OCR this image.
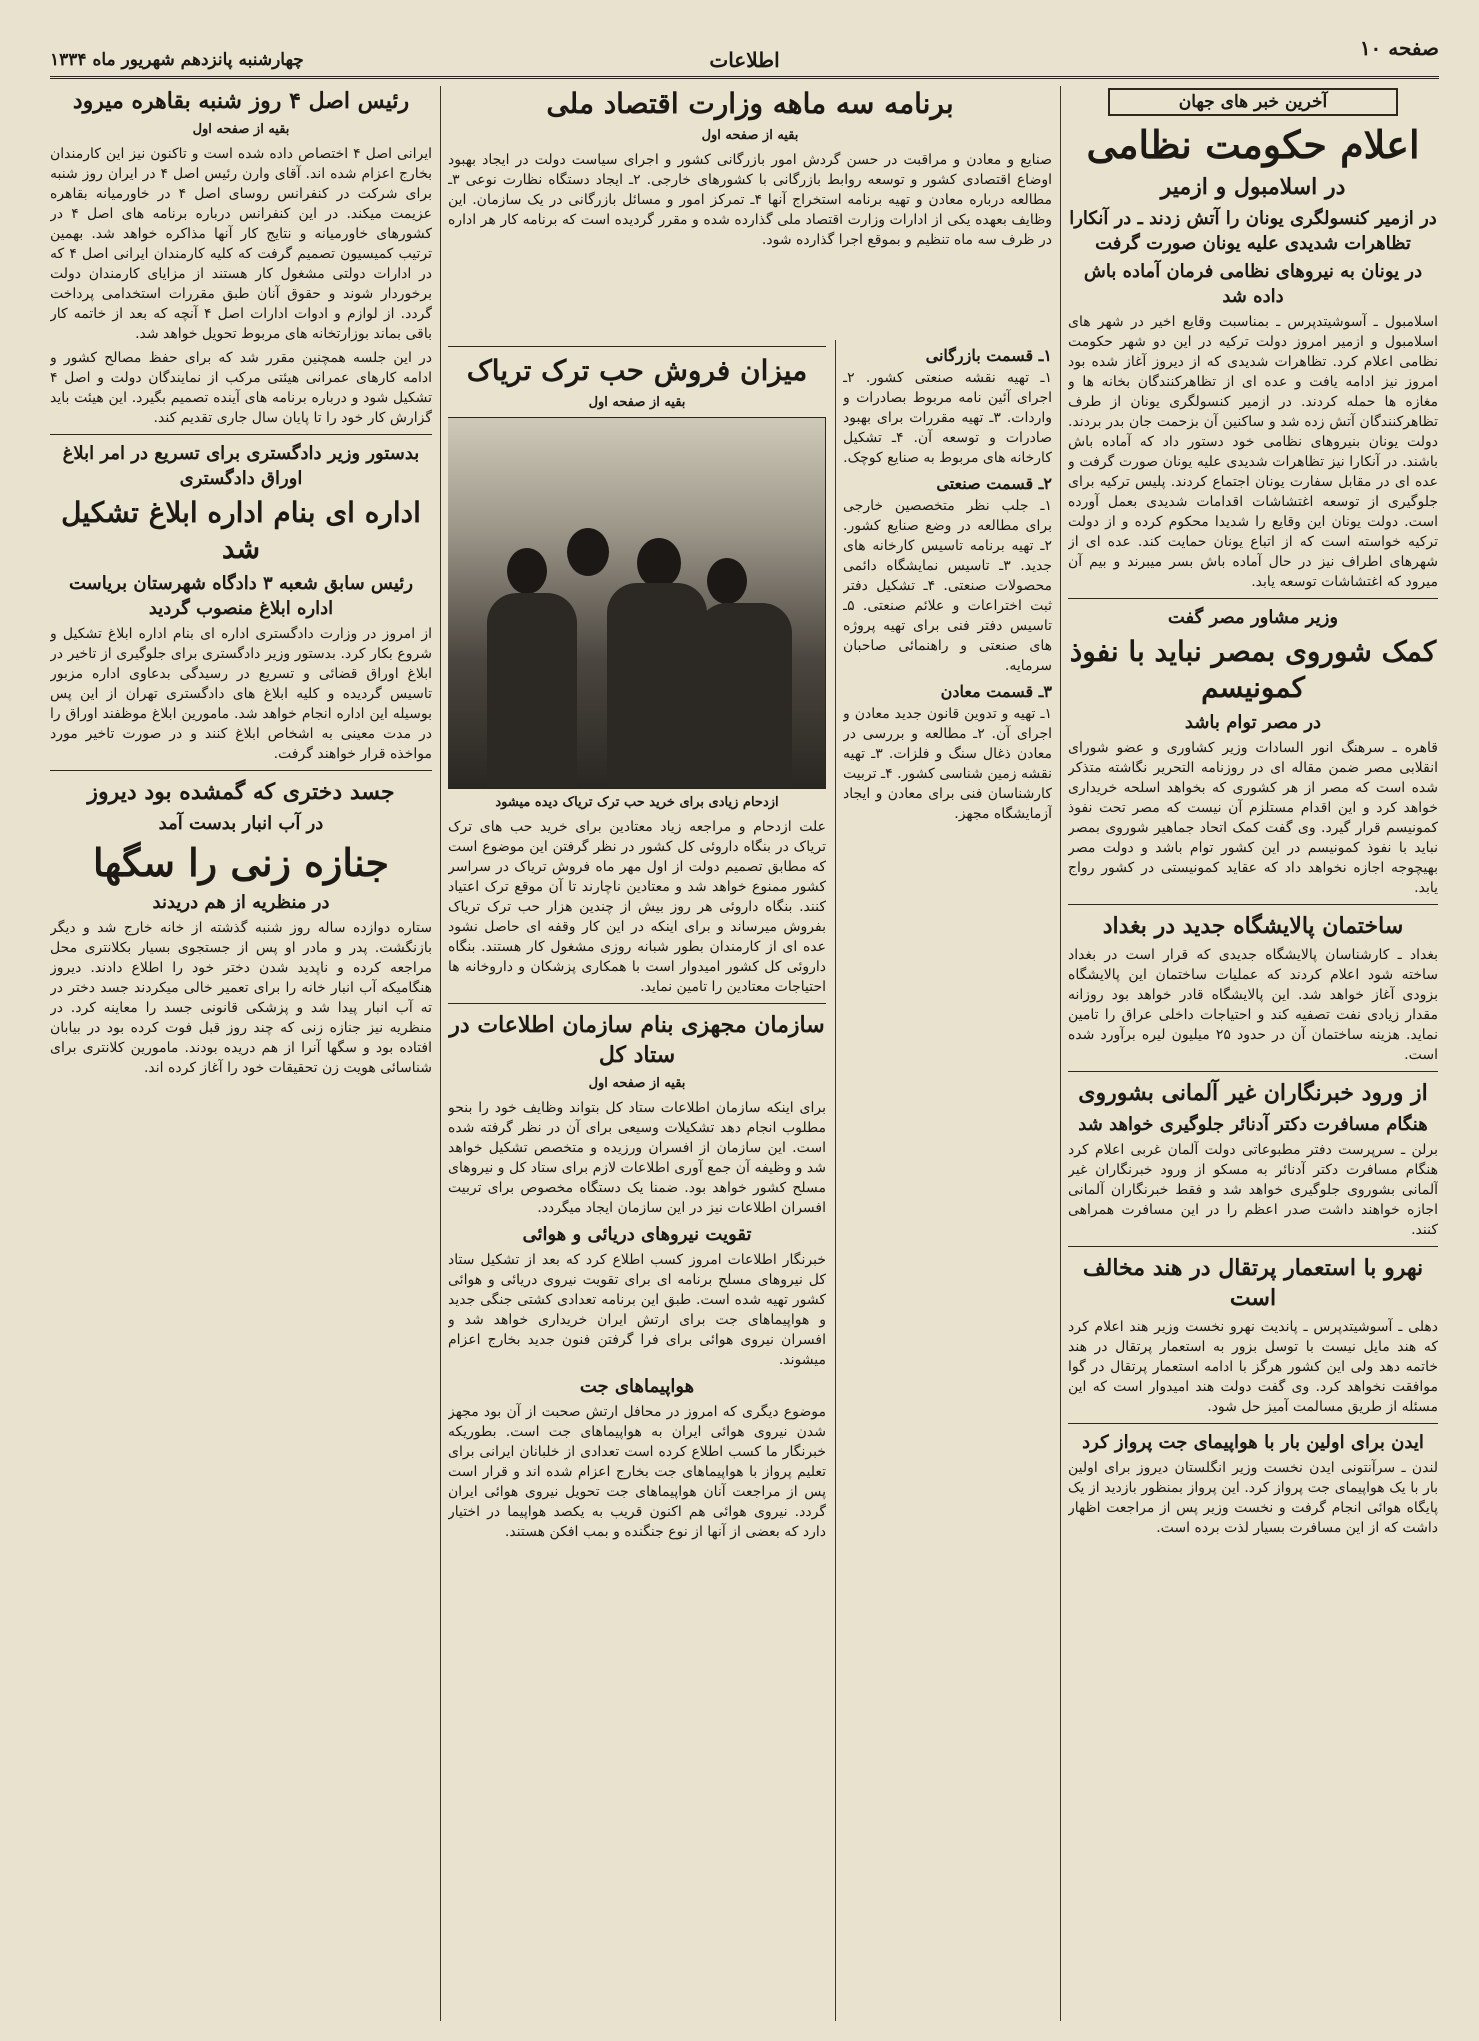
صفحه ۱۰
اطلاعات
چهارشنبه پانزدهم شهریور ماه ۱۳۳۴
آخرین خبر های جهان
اعلام حکومت نظامی
در اسلامبول و ازمیر
در ازمیر کنسولگری یونان را آتش زدند ـ در آنکارا تظاهرات شدیدی علیه یونان صورت گرفت
در یونان به نیروهای نظامی فرمان آماده باش داده شد

اسلامبول ـ آسوشیتدپرس ـ بمناسبت وقایع اخیر در شهر های اسلامبول و ازمیر امروز دولت ترکیه در این دو شهر حکومت نظامی اعلام کرد. تظاهرات شدیدی که از دیروز آغاز شده بود امروز نیز ادامه یافت و عده ای از تظاهرکنندگان بخانه ها و مغازه ها حمله کردند. در ازمیر کنسولگری یونان از طرف تظاهرکنندگان آتش زده شد و ساکنین آن بزحمت جان بدر بردند. دولت یونان بنیروهای نظامی خود دستور داد که آماده باش باشند. در آنکارا نیز تظاهرات شدیدی علیه یونان صورت گرفت و عده ای در مقابل سفارت یونان اجتماع کردند. پلیس ترکیه برای جلوگیری از توسعه اغتشاشات اقدامات شدیدی بعمل آورده است. دولت یونان این وقایع را شدیدا محکوم کرده و از دولت ترکیه خواسته است که از اتباع یونان حمایت کند. عده ای از شهرهای اطراف نیز در حال آماده باش بسر میبرند و بیم آن میرود که اغتشاشات توسعه یابد.

وزیر مشاور مصر گفت
کمک شوروی بمصر نباید با نفوذ کمونیسم
در مصر توام باشد

قاهره ـ سرهنگ انور السادات وزیر کشاوری و عضو شورای انقلابی مصر ضمن مقاله ای در روزنامه التحریر نگاشته متذکر شده است که مصر از هر کشوری که بخواهد اسلحه خریداری خواهد کرد و این اقدام مستلزم آن نیست که مصر تحت نفوذ کمونیسم قرار گیرد. وی گفت کمک اتحاد جماهیر شوروی بمصر نباید با نفوذ کمونیسم در این کشور توام باشد و دولت مصر بهیچوجه اجازه نخواهد داد که عقاید کمونیستی در کشور رواج یابد.

ساختمان پالایشگاه جدید در بغداد

بغداد ـ کارشناسان پالایشگاه جدیدی که قرار است در بغداد ساخته شود اعلام کردند که عملیات ساختمان این پالایشگاه بزودی آغاز خواهد شد. این پالایشگاه قادر خواهد بود روزانه مقدار زیادی نفت تصفیه کند و احتیاجات داخلی عراق را تامین نماید. هزینه ساختمان آن در حدود ۲۵ میلیون لیره برآورد شده است.

از ورود خبرنگاران غیر آلمانی بشوروی
هنگام مسافرت دکتر آدنائر جلوگیری خواهد شد

برلن ـ سرپرست دفتر مطبوعاتی دولت آلمان غربی اعلام کرد هنگام مسافرت دکتر آدنائر به مسکو از ورود خبرنگاران غیر آلمانی بشوروی جلوگیری خواهد شد و فقط خبرنگاران آلمانی اجازه خواهند داشت صدر اعظم را در این مسافرت همراهی کنند.

نهرو با استعمار پرتقال در هند مخالف است

دهلی ـ آسوشیتدپرس ـ پاندیت نهرو نخست وزیر هند اعلام کرد که هند مایل نیست با توسل بزور به استعمار پرتقال در هند خاتمه دهد ولی این کشور هرگز با ادامه استعمار پرتقال در گوا موافقت نخواهد کرد. وی گفت دولت هند امیدوار است که این مسئله از طریق مسالمت آمیز حل شود.

ایدن برای اولین بار با هواپیمای جت پرواز کرد

لندن ـ سرآنتونی ایدن نخست وزیر انگلستان دیروز برای اولین بار با یک هواپیمای جت پرواز کرد. این پرواز بمنظور بازدید از یک پایگاه هوائی انجام گرفت و نخست وزیر پس از مراجعت اظهار داشت که از این مسافرت بسیار لذت برده است.

برنامه سه ماهه وزارت اقتصاد ملی
بقیه از صفحه اول

صنایع و معادن و مراقبت در حسن گردش امور بازرگانی کشور و اجرای سیاست دولت در ایجاد بهبود اوضاع اقتصادی کشور و توسعه روابط بازرگانی با کشورهای خارجی. ۲ـ ایجاد دستگاه نظارت نوعی ۳ـ مطالعه درباره معادن و تهیه برنامه استخراج آنها ۴ـ تمرکز امور و مسائل بازرگانی در یک سازمان. این وظایف بعهده یکی از ادارات وزارت اقتصاد ملی گذارده شده و مقرر گردیده است که برنامه کار هر اداره در ظرف سه ماه تنظیم و بموقع اجرا گذارده شود.

۱ـ قسمت بازرگانی

۱ـ تهیه نقشه صنعتی کشور. ۲ـ اجرای آئین نامه مربوط بصادرات و واردات. ۳ـ تهیه مقررات برای بهبود صادرات و توسعه آن. ۴ـ تشکیل کارخانه های مربوط به صنایع کوچک.

۲ـ قسمت صنعتی

۱ـ جلب نظر متخصصین خارجی برای مطالعه در وضع صنایع کشور. ۲ـ تهیه برنامه تاسیس کارخانه های جدید. ۳ـ تاسیس نمایشگاه دائمی محصولات صنعتی. ۴ـ تشکیل دفتر ثبت اختراعات و علائم صنعتی. ۵ـ تاسیس دفتر فنی برای تهیه پروژه های صنعتی و راهنمائی صاحبان سرمایه.

۳ـ قسمت معادن

۱ـ تهیه و تدوین قانون جدید معادن و اجرای آن. ۲ـ مطالعه و بررسی در معادن ذغال سنگ و فلزات. ۳ـ تهیه نقشه زمین شناسی کشور. ۴ـ تربیت کارشناسان فنی برای معادن و ایجاد آزمایشگاه مجهز.

میزان فروش حب ترک تریاک
بقیه از صفحه اول
ازدحام زیادی برای خرید حب ترک تریاک دیده میشود

علت ازدحام و مراجعه زیاد معتادین برای خرید حب های ترک تریاک در بنگاه داروئی کل کشور در نظر گرفتن این موضوع است که مطابق تصمیم دولت از اول مهر ماه فروش تریاک در سراسر کشور ممنوع خواهد شد و معتادین ناچارند تا آن موقع ترک اعتیاد کنند. بنگاه داروئی هر روز بیش از چندین هزار حب ترک تریاک بفروش میرساند و برای اینکه در این کار وقفه ای حاصل نشود عده ای از کارمندان بطور شبانه روزی مشغول کار هستند. بنگاه داروئی کل کشور امیدوار است با همکاری پزشکان و داروخانه ها احتیاجات معتادین را تامین نماید.

سازمان مجهزی بنام سازمان اطلاعات در ستاد کل
بقیه از صفحه اول

برای اینکه سازمان اطلاعات ستاد کل بتواند وظایف خود را بنحو مطلوب انجام دهد تشکیلات وسیعی برای آن در نظر گرفته شده است. این سازمان از افسران ورزیده و متخصص تشکیل خواهد شد و وظیفه آن جمع آوری اطلاعات لازم برای ستاد کل و نیروهای مسلح کشور خواهد بود. ضمنا یک دستگاه مخصوص برای تربیت افسران اطلاعات نیز در این سازمان ایجاد میگردد.

تقویت نیروهای دریائی و هوائی

خبرنگار اطلاعات امروز کسب اطلاع کرد که بعد از تشکیل ستاد کل نیروهای مسلح برنامه ای برای تقویت نیروی دریائی و هوائی کشور تهیه شده است. طبق این برنامه تعدادی کشتی جنگی جدید و هواپیماهای جت برای ارتش ایران خریداری خواهد شد و افسران نیروی هوائی برای فرا گرفتن فنون جدید بخارج اعزام میشوند.

هواپیماهای جت

موضوع دیگری که امروز در محافل ارتش صحبت از آن بود مجهز شدن نیروی هوائی ایران به هواپیماهای جت است. بطوریکه خبرنگار ما کسب اطلاع کرده است تعدادی از خلبانان ایرانی برای تعلیم پرواز با هواپیماهای جت بخارج اعزام شده اند و قرار است پس از مراجعت آنان هواپیماهای جت تحویل نیروی هوائی ایران گردد. نیروی هوائی هم اکنون قریب به یکصد هواپیما در اختیار دارد که بعضی از آنها از نوع جنگنده و بمب افکن هستند.

رئیس اصل ۴ روز شنبه بقاهره میرود
بقیه از صفحه اول

ایرانی اصل ۴ اختصاص داده شده است و تاکنون نیز این کارمندان بخارج اعزام شده اند. آقای وارن رئیس اصل ۴ در ایران روز شنبه برای شرکت در کنفرانس روسای اصل ۴ در خاورمیانه بقاهره عزیمت میکند. در این کنفرانس درباره برنامه های اصل ۴ در کشورهای خاورمیانه و نتایج کار آنها مذاکره خواهد شد. بهمین ترتیب کمیسیون تصمیم گرفت که کلیه کارمندان ایرانی اصل ۴ که در ادارات دولتی مشغول کار هستند از مزایای کارمندان دولت برخوردار شوند و حقوق آنان طبق مقررات استخدامی پرداخت گردد. از لوازم و ادوات ادارات اصل ۴ آنچه که بعد از خاتمه کار باقی بماند بوزارتخانه های مربوط تحویل خواهد شد.

در این جلسه همچنین مقرر شد که برای حفظ مصالح کشور و ادامه کارهای عمرانی هیئتی مرکب از نمایندگان دولت و اصل ۴ تشکیل شود و درباره برنامه های آینده تصمیم بگیرد. این هیئت باید گزارش کار خود را تا پایان سال جاری تقدیم کند.

بدستور وزیر دادگستری برای تسریع در امر ابلاغ اوراق دادگستری
اداره ای بنام اداره ابلاغ تشکیل شد
رئیس سابق شعبه ۳ دادگاه شهرستان بریاست اداره ابلاغ منصوب گردید

از امروز در وزارت دادگستری اداره ای بنام اداره ابلاغ تشکیل و شروع بکار کرد. بدستور وزیر دادگستری برای جلوگیری از تاخیر در ابلاغ اوراق قضائی و تسریع در رسیدگی بدعاوی اداره مزبور تاسیس گردیده و کلیه ابلاغ های دادگستری تهران از این پس بوسیله این اداره انجام خواهد شد. مامورین ابلاغ موظفند اوراق را در مدت معینی به اشخاص ابلاغ کنند و در صورت تاخیر مورد مواخذه قرار خواهند گرفت.

جسد دختری که گمشده بود دیروز
در آب انبار بدست آمد
جنازه زنی را سگها
در منظریه از هم دریدند

ستاره دوازده ساله روز شنبه گذشته از خانه خارج شد و دیگر بازنگشت. پدر و مادر او پس از جستجوی بسیار بکلانتری محل مراجعه کرده و ناپدید شدن دختر خود را اطلاع دادند. دیروز هنگامیکه آب انبار خانه را برای تعمیر خالی میکردند جسد دختر در ته آب انبار پیدا شد و پزشکی قانونی جسد را معاینه کرد. در منظریه نیز جنازه زنی که چند روز قبل فوت کرده بود در بیابان افتاده بود و سگها آنرا از هم دریده بودند. مامورین کلانتری برای شناسائی هویت زن تحقیقات خود را آغاز کرده اند.
